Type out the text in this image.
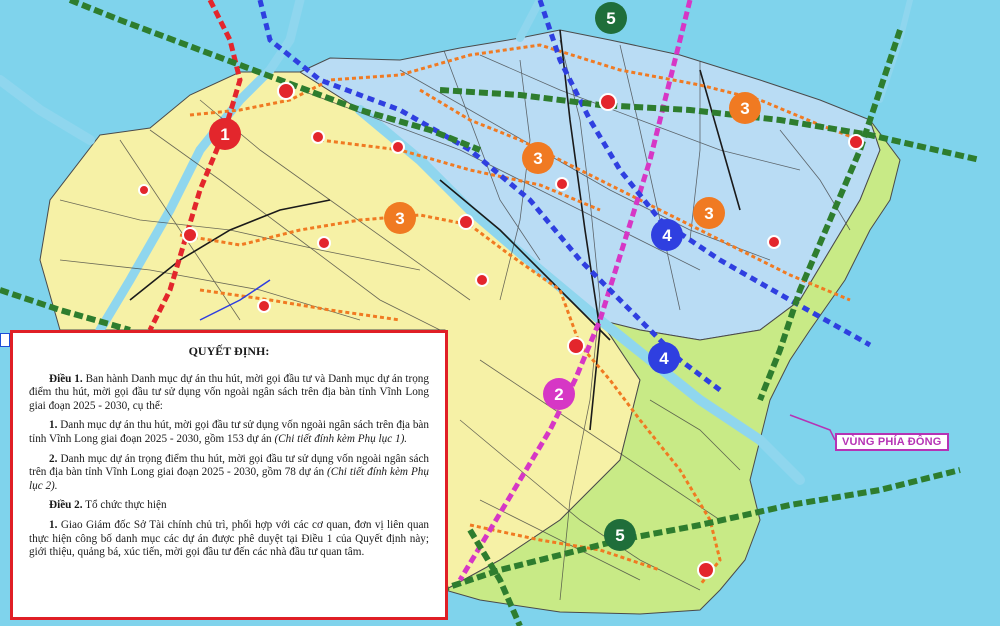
1
2
3
3
3	3
4
4
5
5
VÙNG PHÍA ĐÔNG
QUYẾT ĐỊNH:

Điều 1. Ban hành Danh mục dự án thu hút, mời gọi đầu tư và Danh mục dự án trọng điểm thu hút, mời gọi đầu tư sử dụng vốn ngoài ngân sách trên địa bàn tỉnh Vĩnh Long giai đoạn 2025 - 2030, cụ thể:

1. Danh mục dự án thu hút, mời gọi đầu tư sử dụng vốn ngoài ngân sách trên địa bàn tỉnh Vĩnh Long giai đoạn 2025 - 2030, gồm 153 dự án (Chi tiết đính kèm Phụ lục 1).

2. Danh mục dự án trọng điểm thu hút, mời gọi đầu tư sử dụng vốn ngoài ngân sách trên địa bàn tỉnh Vĩnh Long giai đoạn 2025 - 2030, gồm 78 dự án (Chi tiết đính kèm Phụ lục 2).

Điều 2. Tổ chức thực hiện

1. Giao Giám đốc Sở Tài chính chủ trì, phối hợp với các cơ quan, đơn vị liên quan thực hiện công bố danh mục các dự án được phê duyệt tại Điều 1 của Quyết định này; giới thiệu, quảng bá, xúc tiến, mời gọi đầu tư đến các nhà đầu tư quan tâm.
